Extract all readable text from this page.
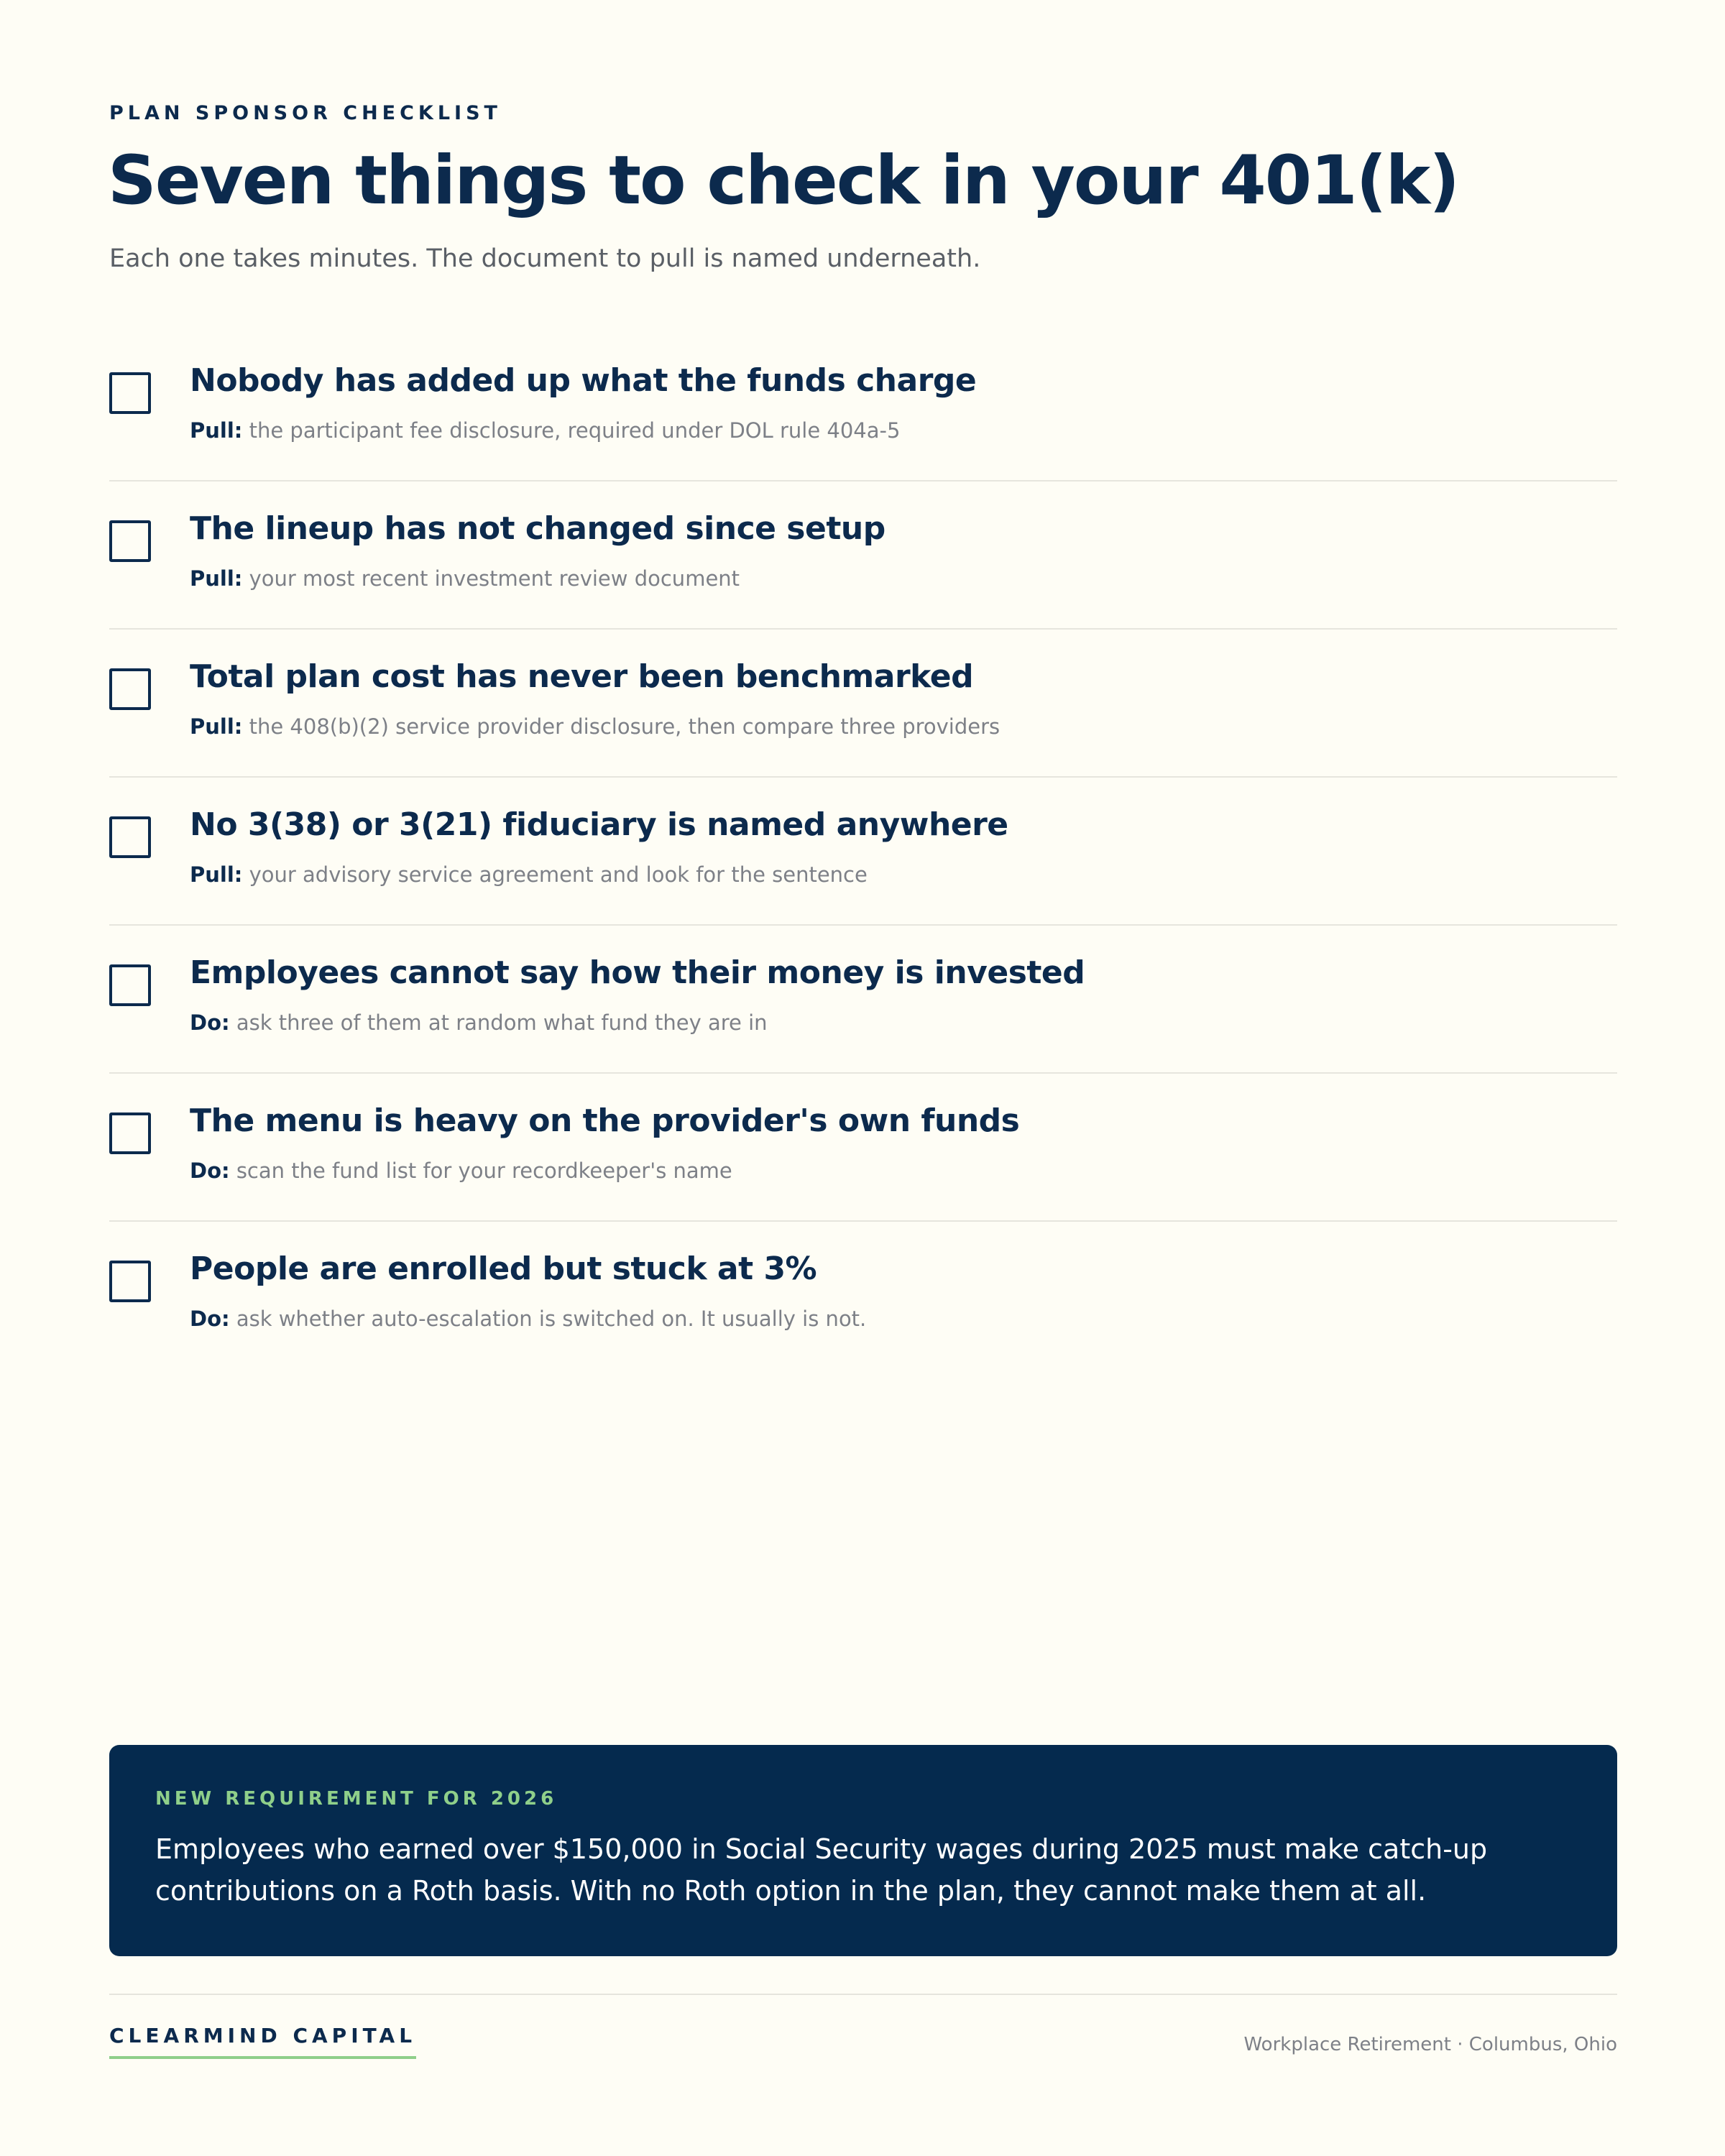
PLAN SPONSOR CHECKLIST

Seven things to check in your 401(k)

Each one takes minutes. The document to pull is named underneath.

Nobody has added up what the funds charge

Pull: the participant fee disclosure, required under DOL rule 404a-5

The lineup has not changed since setup

Pull: your most recent investment review document

Total plan cost has never been benchmarked

Pull: the 408(b)(2) service provider disclosure, then compare three providers

No 3(38) or 3(21) fiduciary is named anywhere

Pull: your advisory service agreement and look for the sentence

Employees cannot say how their money is invested

Do: ask three of them at random what fund they are in

The menu is heavy on the provider's own funds

Do: scan the fund list for your recordkeeper's name

People are enrolled but stuck at 3%

Do: ask whether auto-escalation is switched on. It usually is not.

NEW REQUIREMENT FOR 2026

Employees who earned over $150,000 in Social Security wages during 2025 must make catch-up contributions on a Roth basis. With no Roth option in the plan, they cannot make them at all.

CLEARMIND CAPITAL	Workplace Retirement · Columbus, Ohio
